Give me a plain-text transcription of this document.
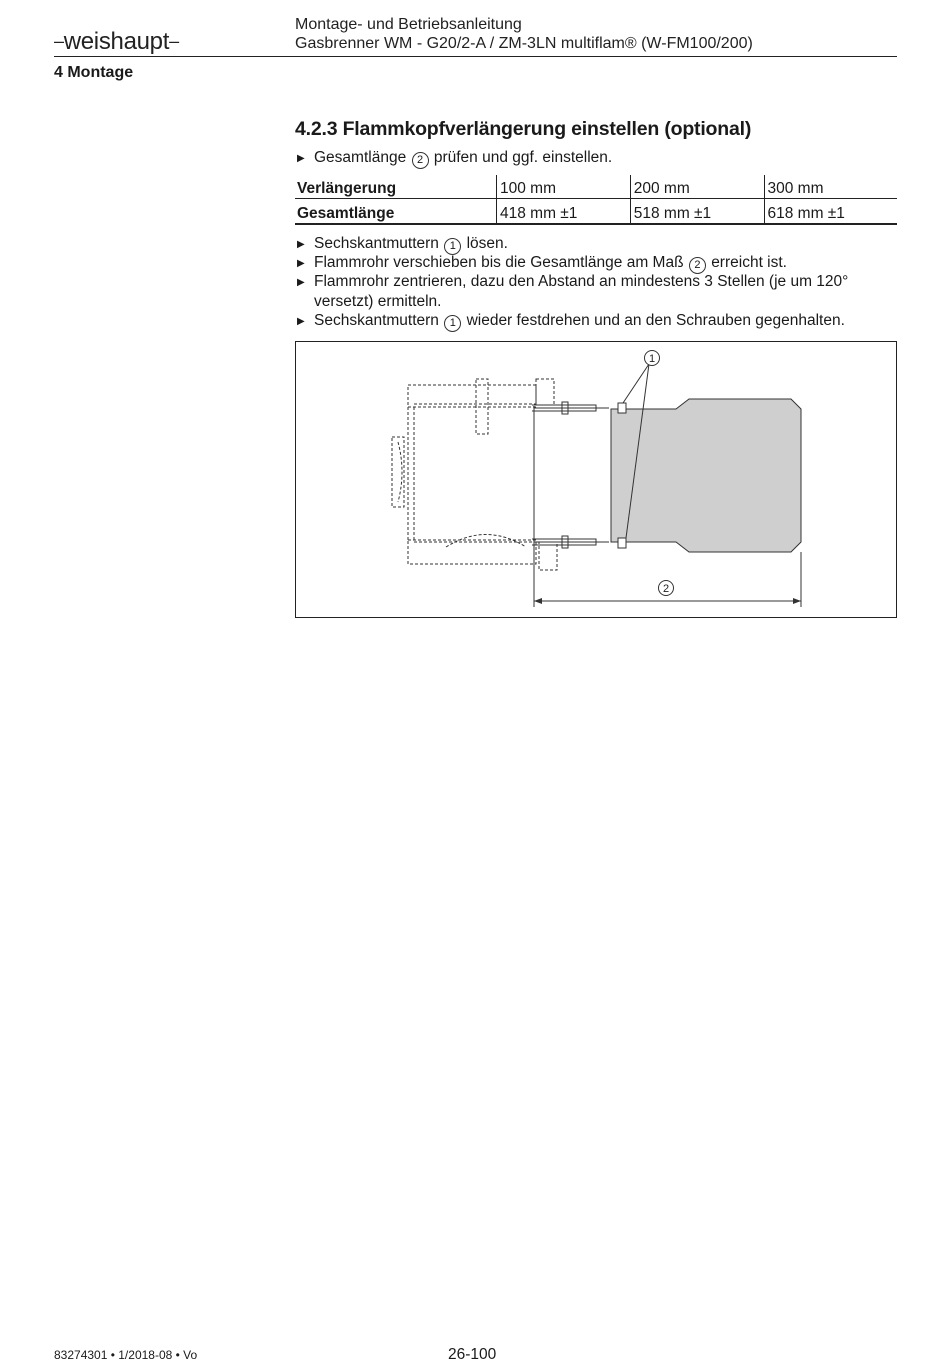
–weishaupt–
Montage- und Betriebsanleitung
Gasbrenner WM - G20/2-A / ZM-3LN multiflam® (W-FM100/200)
4 Montage
4.2.3 Flammkopfverlängerung einstellen (optional)
▶ Gesamtlänge 2 prüfen und ggf. einstellen.
Verlängerung	100 mm	200 mm	300 mm
Gesamtlänge	418 mm ±1	518 mm ±1	618 mm ±1
▶ Sechskantmuttern 1 lösen.
▶ Flammrohr verschieben bis die Gesamtlänge am Maß 2 erreicht ist.
▶ Flammrohr zentrieren, dazu den Abstand an mindestens 3 Stellen (je um 120°
versetzt) ermitteln.
▶ Sechskantmuttern 1 wieder festdrehen und an den Schrauben gegenhalten.
1
2
83274301 • 1/2018-08 • Vo	26-100
